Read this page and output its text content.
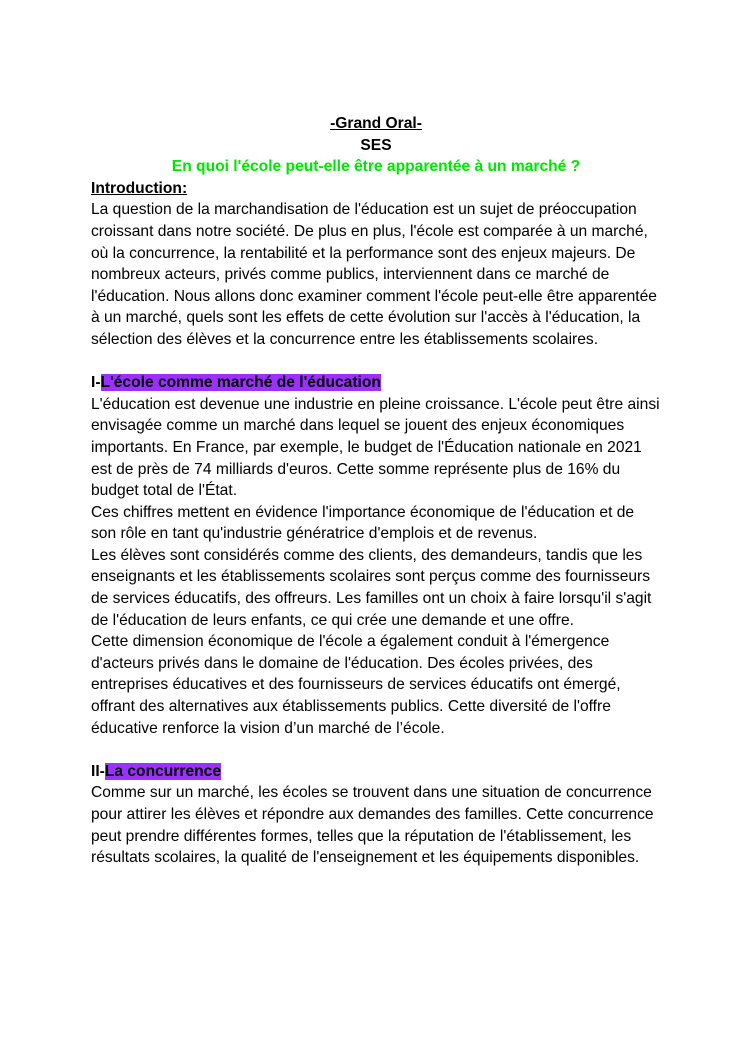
-Grand Oral-

SES

En quoi l'école peut-elle être apparentée à un marché ?

Introduction:

La question de la marchandisation de l'éducation est un sujet de préoccupation croissant dans notre société. De plus en plus, l'école est comparée à un marché, où la concurrence, la rentabilité et la performance sont des enjeux majeurs. De nombreux acteurs, privés comme publics, interviennent dans ce marché de l'éducation. Nous allons donc examiner comment l'école peut-elle être apparentée à un marché, quels sont les effets de cette évolution sur l'accès à l'éducation, la sélection des élèves et la concurrence entre les établissements scolaires.

I-L'école comme marché de l'éducation

L'éducation est devenue une industrie en pleine croissance. L'école peut être ainsi envisagée comme un marché dans lequel se jouent des enjeux économiques importants. En France, par exemple, le budget de l'Éducation nationale en 2021 est de près de 74 milliards d'euros. Cette somme représente plus de 16% du budget total de l'État.

Ces chiffres mettent en évidence l'importance économique de l'éducation et de son rôle en tant qu'industrie génératrice d'emplois et de revenus.

Les élèves sont considérés comme des clients, des demandeurs, tandis que les enseignants et les établissements scolaires sont perçus comme des fournisseurs de services éducatifs, des offreurs. Les familles ont un choix à faire lorsqu'il s'agit de l'éducation de leurs enfants, ce qui crée une demande et une offre.

Cette dimension économique de l'école a également conduit à l'émergence d'acteurs privés dans le domaine de l'éducation. Des écoles privées, des entreprises éducatives et des fournisseurs de services éducatifs ont émergé, offrant des alternatives aux établissements publics. Cette diversité de l'offre éducative renforce la vision d’un marché de l’école.

II-La concurrence

Comme sur un marché, les écoles se trouvent dans une situation de concurrence pour attirer les élèves et répondre aux demandes des familles. Cette concurrence peut prendre différentes formes, telles que la réputation de l'établissement, les résultats scolaires, la qualité de l'enseignement et les équipements disponibles.
